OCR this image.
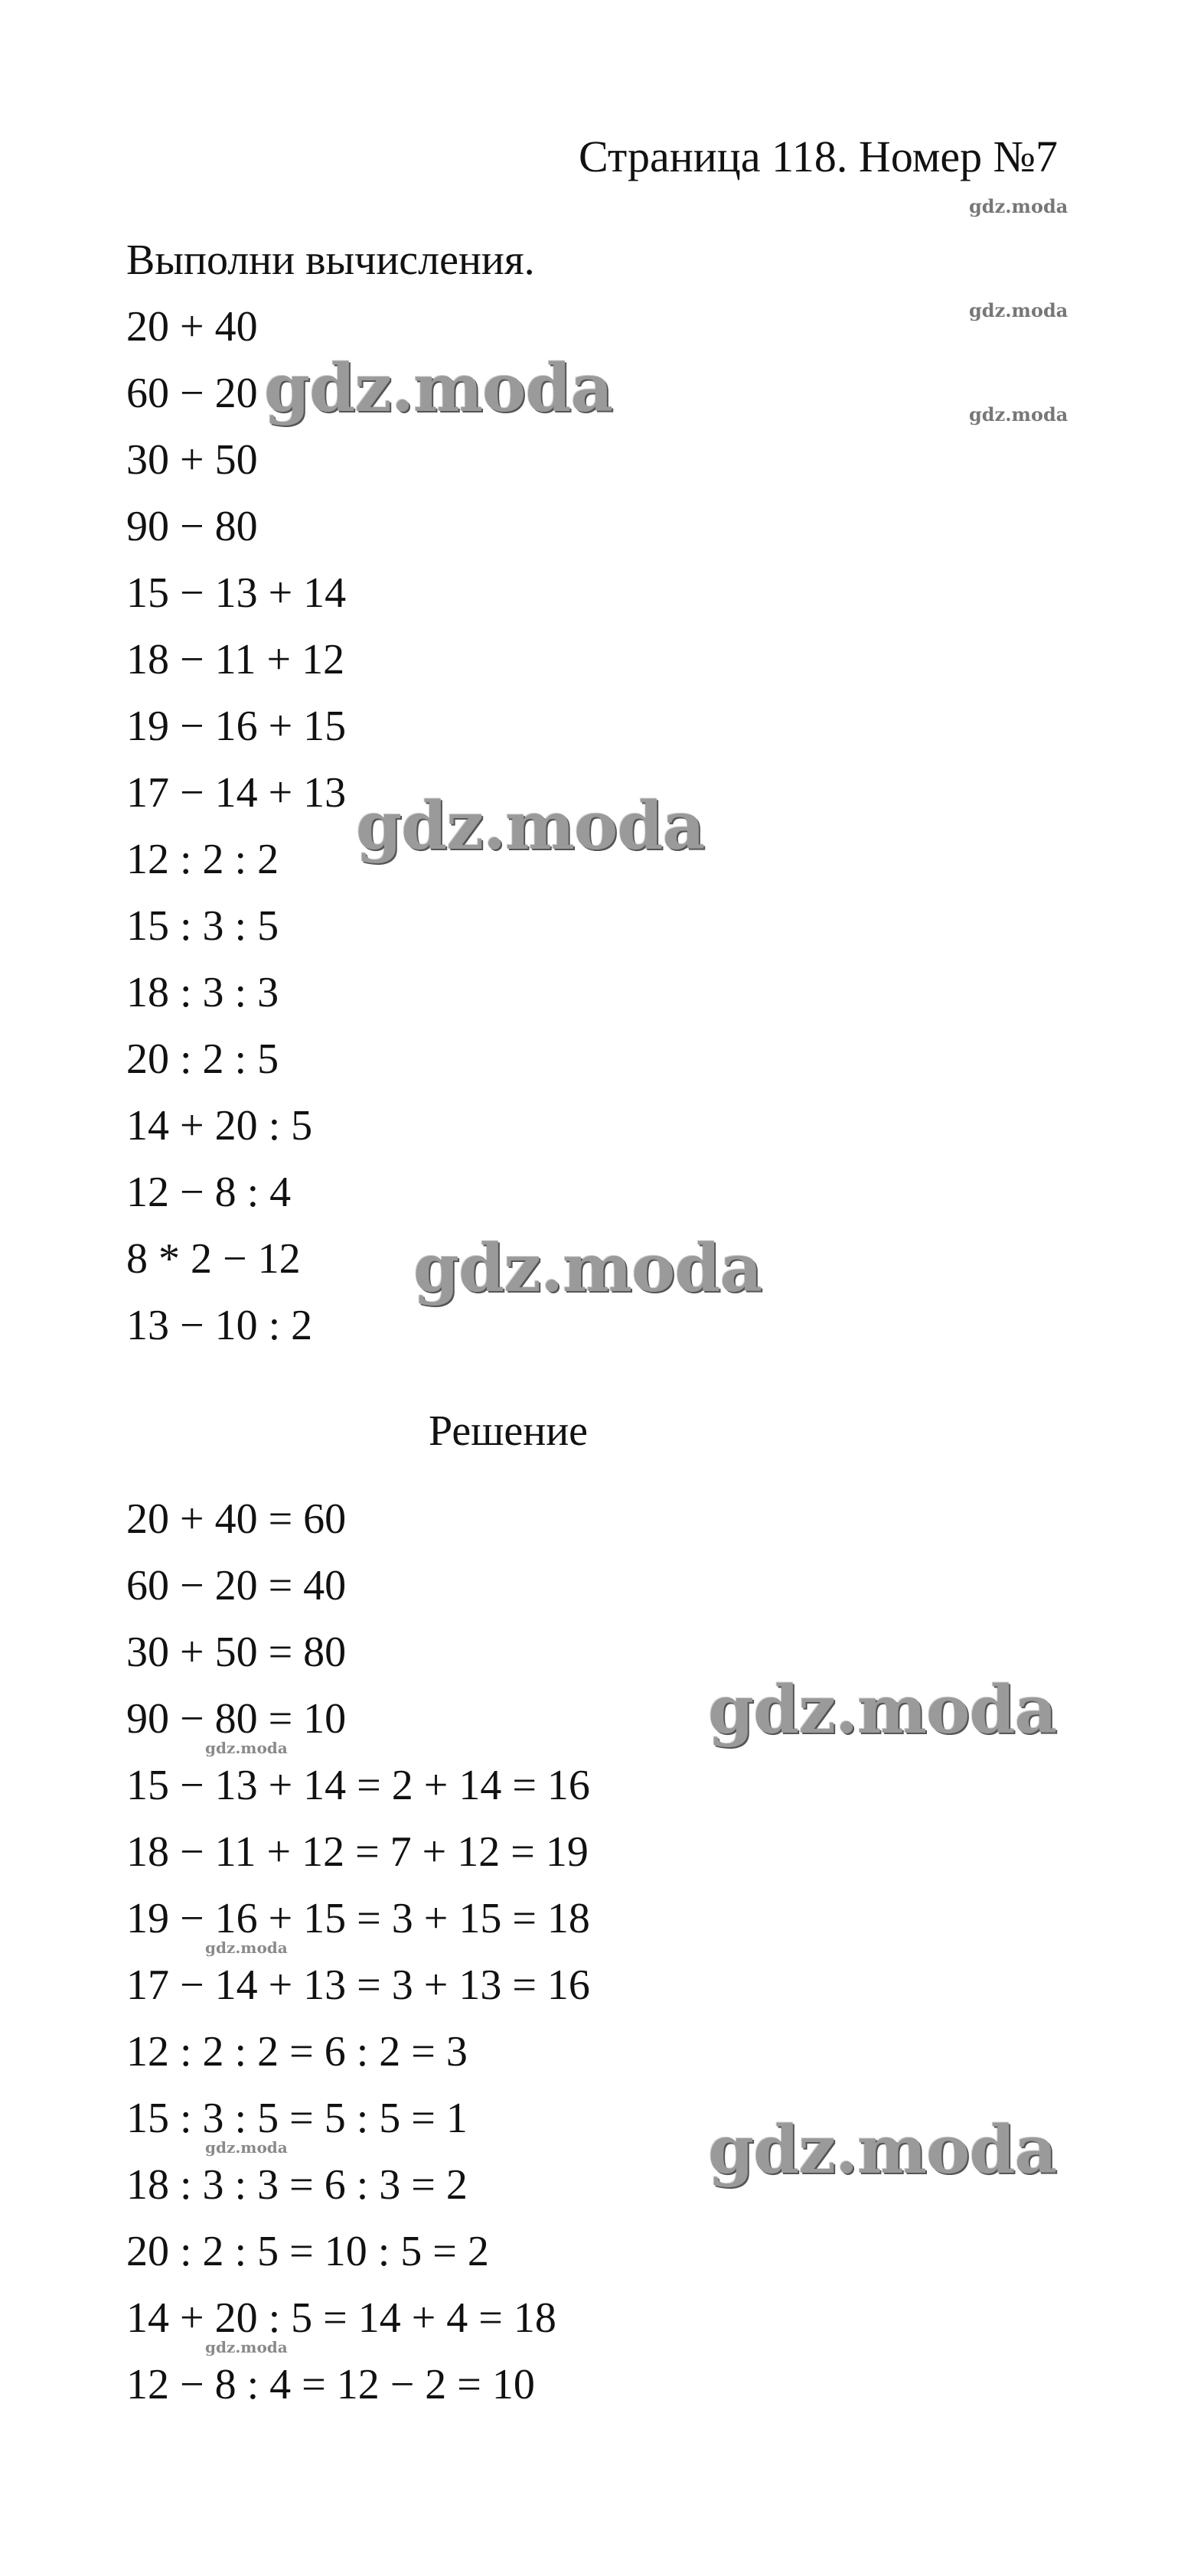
Страница 118. Номер №7
Выполни вычисления.
20 + 40
60 − 20
30 + 50
90 − 80
15 − 13 + 14
18 − 11 + 12
19 − 16 + 15
17 − 14 + 13
12 : 2 : 2
15 : 3 : 5
18 : 3 : 3
20 : 2 : 5
14 + 20 : 5
12 − 8 : 4
8 * 2 − 12
13 − 10 : 2
Решение
20 + 40 = 60
60 − 20 = 40
30 + 50 = 80
90 − 80 = 10
15 − 13 + 14 = 2 + 14 = 16
18 − 11 + 12 = 7 + 12 = 19
19 − 16 + 15 = 3 + 15 = 18
17 − 14 + 13 = 3 + 13 = 16
12 : 2 : 2 = 6 : 2 = 3
15 : 3 : 5 = 5 : 5 = 1
18 : 3 : 3 = 6 : 3 = 2
20 : 2 : 5 = 10 : 5 = 2
14 + 20 : 5 = 14 + 4 = 18
12 − 8 : 4 = 12 − 2 = 10
gdz.moda
gdz.moda
gdz.moda
gdz.moda
gdz.moda
gdz.moda
gdz.moda
gdz.moda
gdz.moda
gdz.moda
gdz.moda
gdz.moda
